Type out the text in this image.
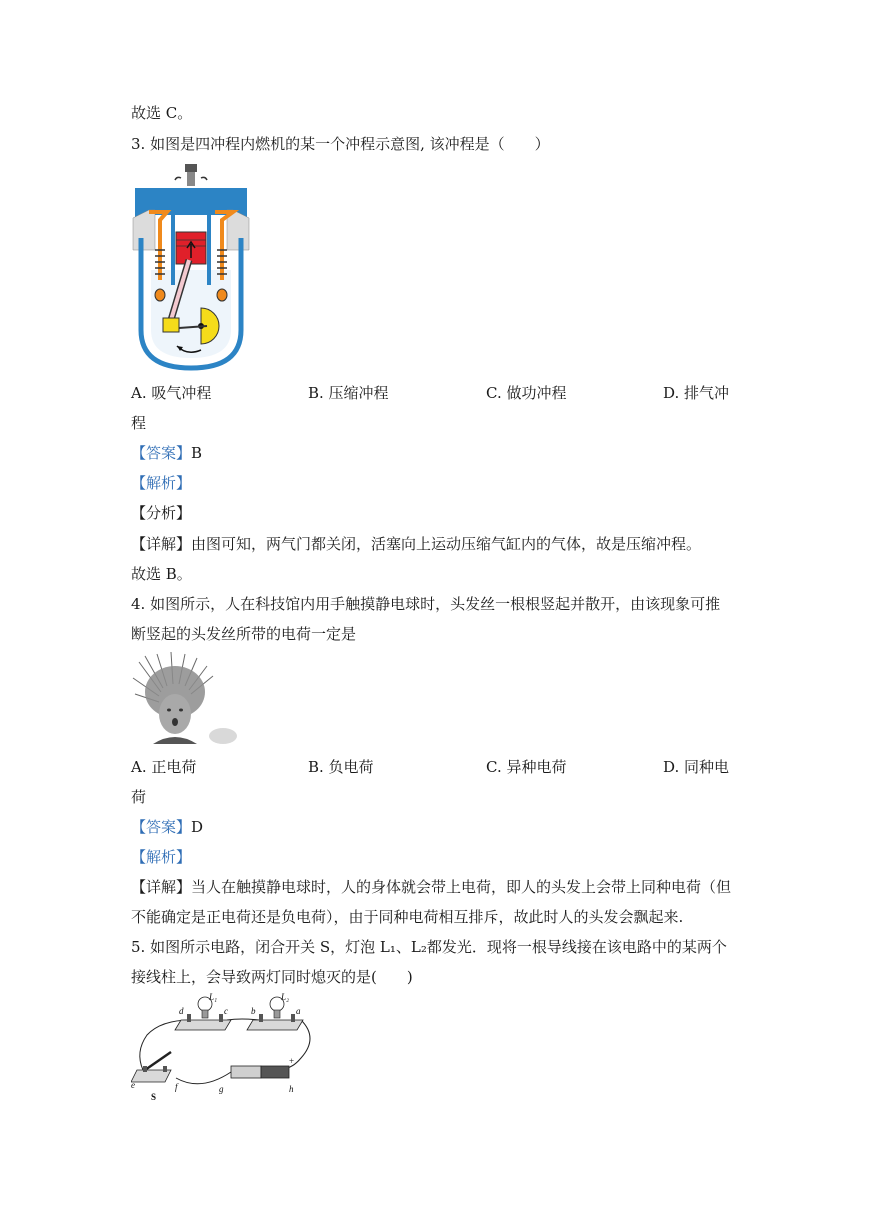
故选 C。
3. 如图是四冲程内燃机的某一个冲程示意图, 该冲程是（　　）
A. 吸气冲程	B. 压缩冲程	C. 做功冲程	D. 排气冲
程
【答案】B
【解析】
【分析】
【详解】由图可知，两气门都关闭，活塞向上运动压缩气缸内的气体，故是压缩冲程。
故选 B。
4. 如图所示，人在科技馆内用手触摸静电球时，头发丝一根根竖起并散开，由该现象可推
断竖起的头发丝所带的电荷一定是
A. 正电荷	B. 负电荷	C. 异种电荷	D. 同种电
荷
【答案】D
【解析】
【详解】当人在触摸静电球时，人的身体就会带上电荷，即人的头发上会带上同种电荷（但
不能确定是正电荷还是负电荷），由于同种电荷相互排斥，故此时人的头发会飘起来.
5. 如图所示电路，闭合开关 S，灯泡 L₁、L₂都发光．现将一根导线接在该电路中的某两个
接线柱上，会导致两灯同时熄灭的是(　　)
L₁	L₂
d	c	b	a
e	f	g	h
S
+
